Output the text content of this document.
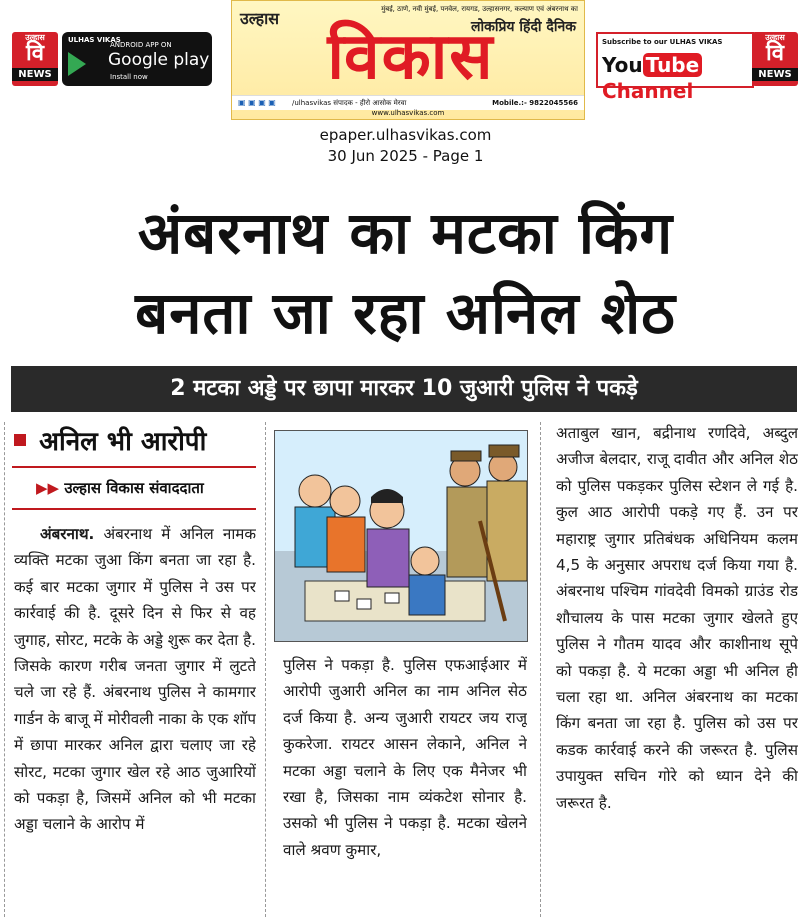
उल्हास
वि
NEWS
ULHAS VIKAS
ANDROID APP ON
Google play
Install now
मुंबई, ठाणे, नवी मुंबई, पनवेल, रायगड, उल्हासनगर, कल्याण एवं अंबरनाथ का
उल्हास	लोकप्रिय हिंदी दैनिक
विकास
▣ ▣ ▣ ▣ /ulhasvikas संपादक - हीरो आसोक मेरवा	Mobile.:- 9822045566
www.ulhasvikas.com
Subscribe to our ULHAS VIKAS
You Tube Channel
उल्हास
वि
NEWS
epaper.ulhasvikas.com
30 Jun 2025 - Page 1
अंबरनाथ का मटका किंग
बनता जा रहा अनिल शेठ
2 मटका अड्डे पर छापा मारकर 10 जुआरी पुलिस ने पकड़े
अनिल भी आरोपी
▶▶ उल्हास विकास संवाददाता

अंबरनाथ. अंबरनाथ में अनिल नामक व्यक्ति मटका जुआ किंग बनता जा रहा है. कई बार मटका जुगार में पुलिस ने उस पर कार्रवाई की है. दूसरे दिन से फिर से वह जुगाह, सोरट, मटके के अड्डे शुरू कर देता है. जिसके कारण गरीब जनता जुगार में लुटते चले जा रहे हैं. अंबरनाथ पुलिस ने कामगार गार्डन के बाजू में मोरीवली नाका के एक शॉप में छापा मारकर अनिल द्वारा चलाए जा रहे सोरट, मटका जुगार खेल रहे आठ जुआरियों को पकड़ा है, जिसमें अनिल को भी मटका अड्डा चलाने के आरोप में

पुलिस ने पकड़ा है. पुलिस एफआईआर में आरोपी जुआरी अनिल का नाम अनिल सेठ दर्ज किया है. अन्य जुआरी रायटर जय राजू कुकरेजा. रायटर आसन लेकाने, अनिल ने मटका अड्डा चलाने के लिए एक मैनेजर भी रखा है, जिसका नाम व्यंकटेश सोनार है. उसको भी पुलिस ने पकड़ा है. मटका खेलने वाले श्रवण कुमार,

अताबुल खान, बद्रीनाथ रणदिवे, अब्दुल अजीज बेलदार, राजू दावीत और अनिल शेठ को पुलिस पकड़कर पुलिस स्टेशन ले गई है. कुल आठ आरोपी पकड़े गए हैं. उन पर महाराष्ट्र जुगार प्रतिबंधक अधिनियम कलम 4,5 के अनुसार अपराध दर्ज किया गया है. अंबरनाथ पश्चिम गांवदेवी विमको ग्राउंड रोड शौचालय के पास मटका जुगार खेलते हुए पुलिस ने गौतम यादव और काशीनाथ सूपे को पकड़ा है. ये मटका अड्डा भी अनिल ही चला रहा था. अनिल अंबरनाथ का मटका किंग बनता जा रहा है. पुलिस को उस पर कडक कार्रवाई करने की जरूरत है. पुलिस उपायुक्त सचिन गोरे को ध्यान देने की जरूरत है.
